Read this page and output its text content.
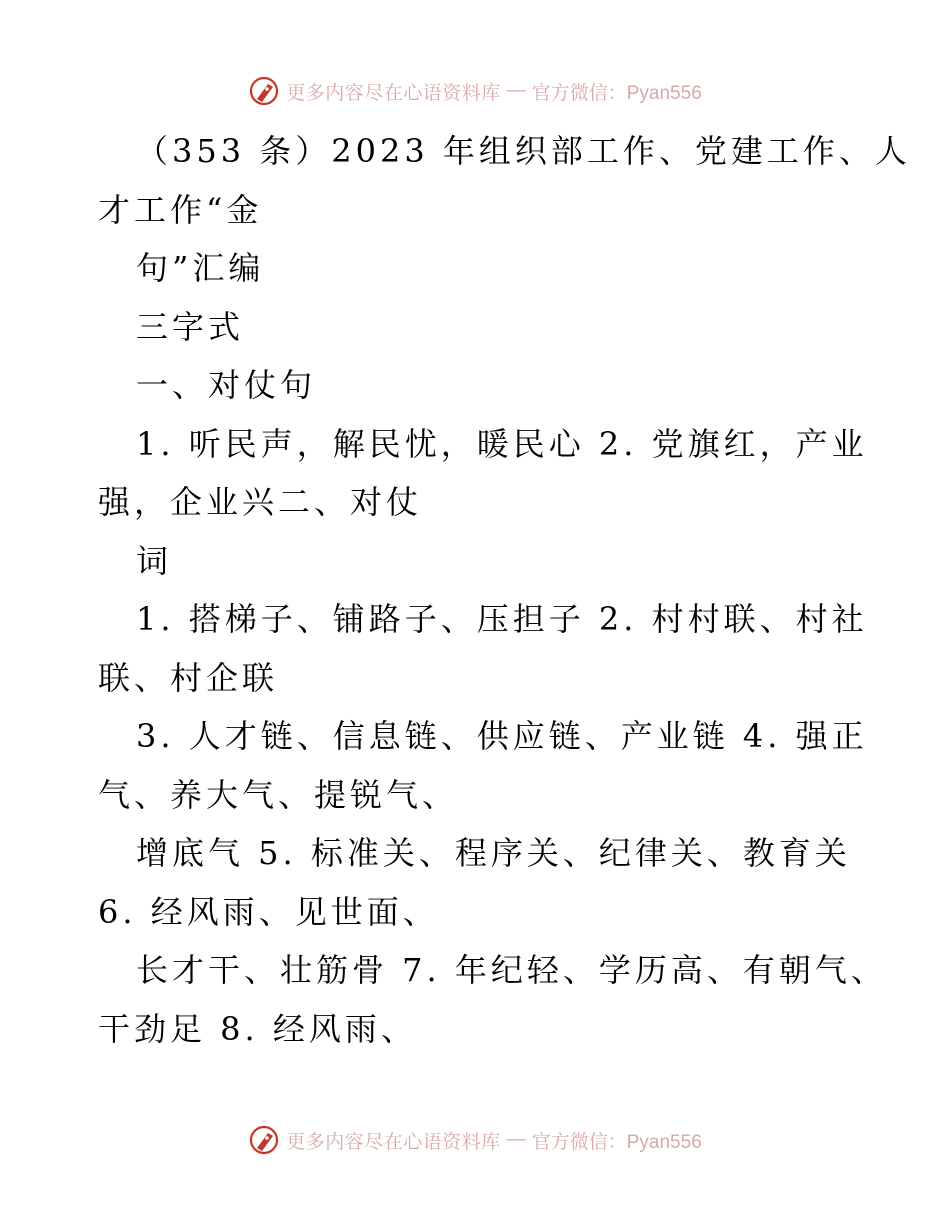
更多内容尽在心语资料库 — 官方微信：Pyan556
（353 条）2023 年组织部工作、党建工作、人
才工作“金
句”汇编
三字式
一、对仗句
1. 听民声，解民忧，暖民心 2. 党旗红，产业
强，企业兴二、对仗
词
1. 搭梯子、铺路子、压担子 2. 村村联、村社
联、村企联
3. 人才链、信息链、供应链、产业链 4. 强正
气、养大气、提锐气、
增底气 5. 标准关、程序关、纪律关、教育关
6. 经风雨、见世面、
长才干、壮筋骨 7. 年纪轻、学历高、有朝气、
干劲足 8. 经风雨、
更多内容尽在心语资料库 — 官方微信：Pyan556
